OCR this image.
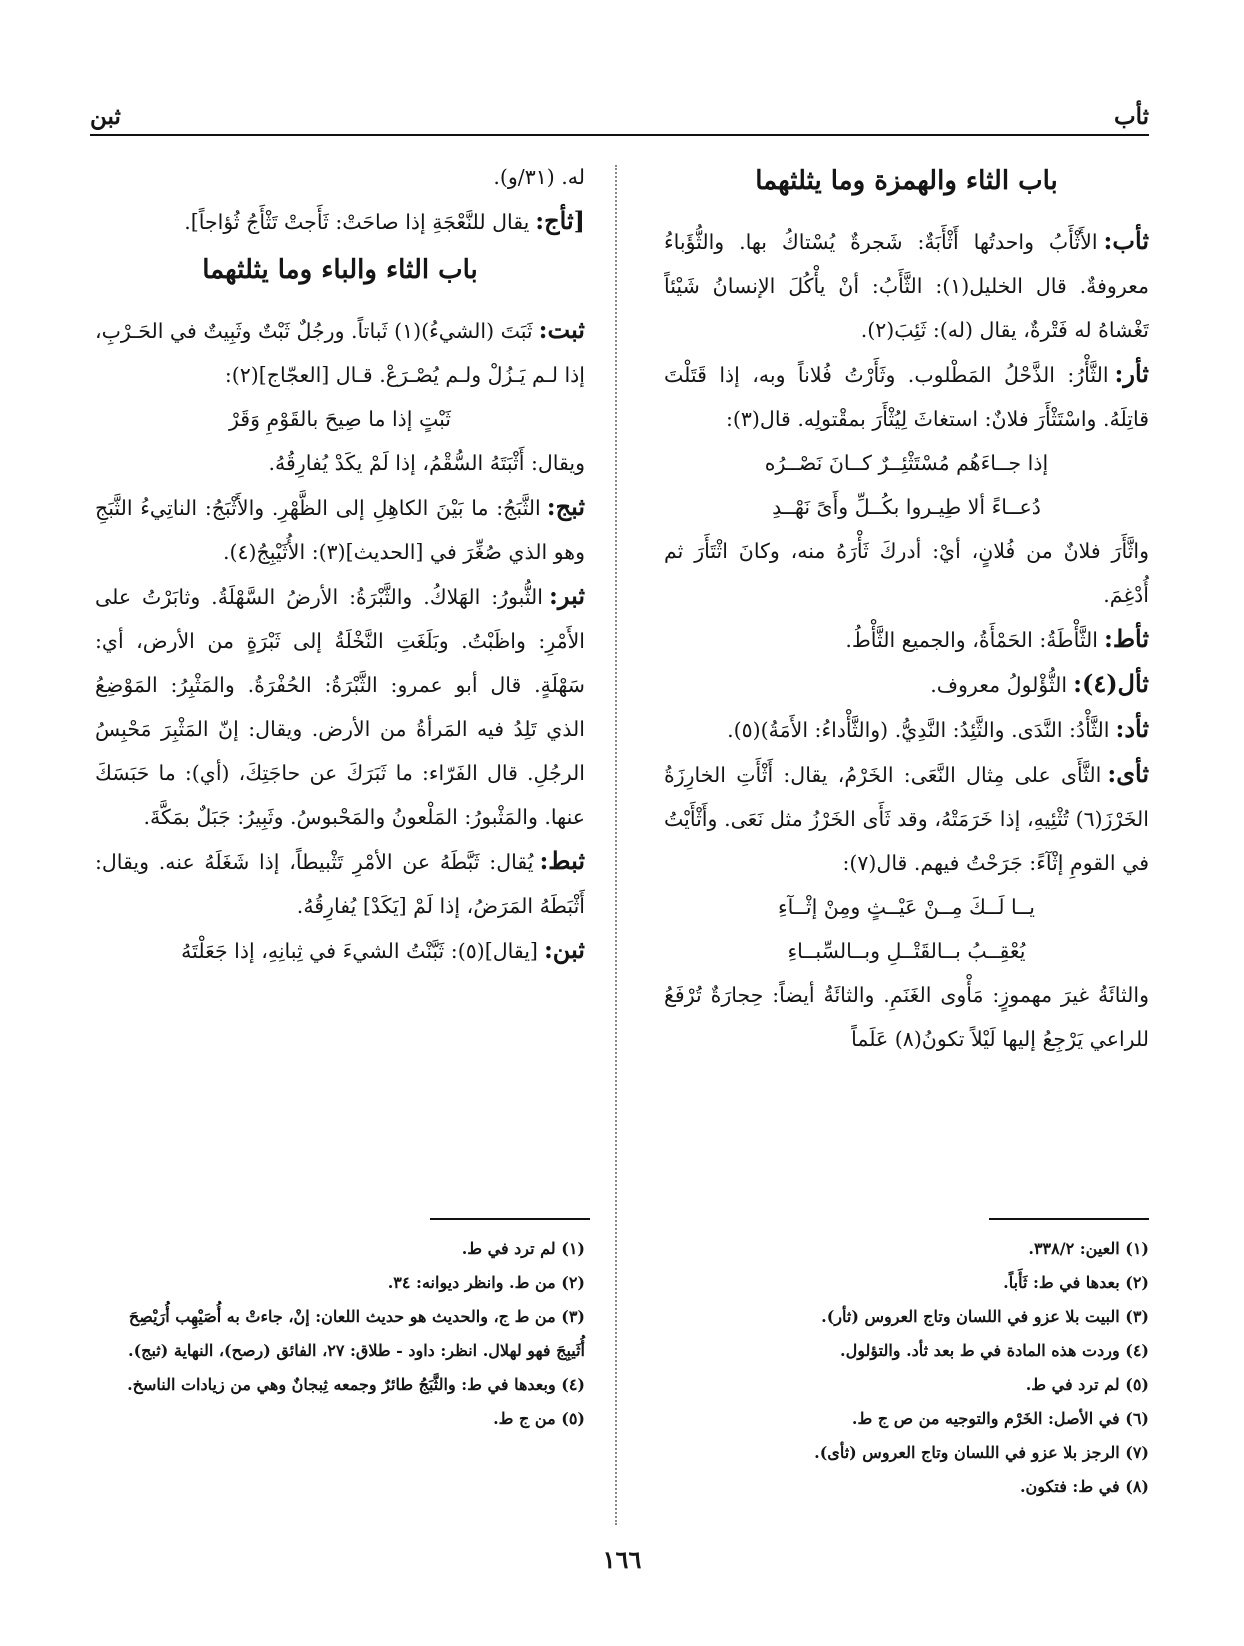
ثأب
ثبن
باب الثاء والهمزة وما يثلثهما

ثأب:الأَثْأَبُ واحدتُها أَثْأَبَةٌ: شَجرةٌ يُسْتاكُ بها. والثُّؤَباءُ معروفةٌ. قال الخليل(١): الثَّأَبُ: أنْ يأْكُلَ الإنسانُ شَيْئاً تَغْشاهُ له فَتْرةٌ، يقال (له): ثَئِبَ(٢).

ثأر:الثَّأْرُ: الذَّحْلُ المَطْلوب. وثَأَرْتُ فُلاناً وبه، إذا قَتَلْتَ قاتِلَهُ. واسْتَثْأَرَ فلانٌ: استغاثَ لِيُثْأَرَ بمقْتولِه. قال(٣):

إذا جــاءَهُم مُسْتَثْئِــرٌ كــانَ نَصْــرُه
دُعــاءً ألا طِيـروا بكُــلِّ وأَىً نَهْــدِ

واثَّأَرَ فلانٌ من فُلانٍ، أيْ: أدركَ ثَأْرَهُ منه، وكانَ اثْتَأَرَ ثم أُدْغِمَ.

ثأط:الثَّأْطَةُ: الحَمْأَةُ، والجميع الثَّأْطُ.

ثأل(٤):الثُّؤْلولُ معروف.

ثأد:الثَّأْدُ: النَّدَى. والثَّئِدُ: النَّدِيُّ. (والثَّأْداءُ: الأَمَةُ)(٥).

ثأى:الثَّأَى على مِثال النَّعَى: الخَرْمُ، يقال: أَثْأَتِ الخارِزَةُ الخَرْزَ(٦) تُثْئِيهِ، إذا خَرَمَتْهُ، وقد ثَأَى الخَرْزُ مثل نَعَى. وأَثْأَيْتُ في القومِ إثْآءً: جَرَحْتُ فيهم. قال(٧):

يــا لَــكَ مِــنْ عَيْــثٍ ومِنْ إثْــآءِ
يُعْقِــبُ بــالقَتْــلِ وبــالسِّبــاءِ

والثائَةُ غيرَ مهموزٍ: مَأْوى الغَنَمِ. والثائَةُ أيضاً: حِجارَةٌ تُرْفَعُ للراعي يَرْجِعُ إليها لَيْلاً تكونُ(٨) عَلَماً

له. (٣١/و).

[ثأج:يقال للنَّعْجَةِ إذا صاحَتْ: ثَأَجتْ تَثْأَجُ ثُؤاجاً].

باب الثاء والباء وما يثلثهما

ثبت:ثَبَتَ (الشيءُ)(١) ثَباتاً. ورجُلٌ ثَبْتٌ وثَبِيتٌ في الحَـرْبِ، إذا لـم يَـزُلْ ولـم يُصْـرَعْ. قـال [العجّاج](٢):

ثَبْتٍ إذا ما صِيحَ بالقَوْمِ وَقَرْ

ويقال: أَثْبَتَهُ السُّقْمُ، إذا لَمْ يكَدْ يُفارِقُهُ.

ثبج:الثَّبَجُ: ما بَيْنَ الكاهِلِ إلى الظَّهْرِ. والأَثْبَجُ: الناتِيءُ الثَّبَجِ وهو الذي صُغِّرَ في [الحديث](٣): الأُثَيْبِجُ(٤).

ثبر:الثُّبورُ: الهَلاكُ. والثَّبْرَةُ: الأرضُ السَّهْلَةُ. وثابَرْتُ على الأَمْرِ: واظَبْتُ. وبَلَغَتِ النَّخْلَةُ إلى ثَبْرَةٍ من الأرض، أي: سَهْلَةٍ. قال أبو عمرو: الثَّبْرَةُ: الحُفْرَةُ. والمَثْبِرُ: المَوْضِعُ الذي تَلِدُ فيه المَرأةُ من الأرض. ويقال: إنّ المَثْبِرَ مَحْبِسُ الرجُلِ. قال الفَرّاء: ما ثَبَرَكَ عن حاجَتِكَ، (أي): ما حَبَسَكَ عنها. والمَثْبورُ: المَلْعونُ والمَحْبوسُ. وثَبِيرُ: جَبَلٌ بمَكَّةَ.

ثبط:يُقال: ثَبَّطَهُ عن الأمْرِ تَثْبيطاً، إذا شَغَلَهُ عنه. ويقال: أَثْبَطَهُ المَرَضُ، إذا لَمْ [يَكَدْ] يُفارِقُهُ.

ثبن:[يقال](٥): ثَبَّنْتُ الشيءَ في ثِبانِهِ، إذا جَعَلْتَهُ

(١) العين: ٣٣٨/٢.
(٢) بعدها في ط: ثَأَباً.
(٣) البيت بلا عزو في اللسان وتاج العروس (ثأر).
(٤) وردت هذه المادة في ط بعد ثأد. والتؤلول.
(٥) لم ترد في ط.
(٦) في الأصل: الخَرْم والتوجيه من ص ج ط.
(٧) الرجز بلا عزو في اللسان وتاج العروس (ثأى).
(٨) في ط: فتكون.
(١) لم ترد في ط.
(٢) من ط. وانظر ديوانه: ٣٤.
(٣) من ط ج، والحديث هو حديث اللعان: إنْ، جاءتْ به أُصَيْهِب أُرَيْصِحَ أُثَيبِجَ فهو لهلال. انظر: داود - طلاق: ٢٧، الفائق (رصح)، النهاية (ثبج).
(٤) وبعدها في ط: والثَّبَجُ طائرٌ وجمعه ثِبجانٌ وهي من زيادات الناسخ.
(٥) من ج ط.
١٦٦
